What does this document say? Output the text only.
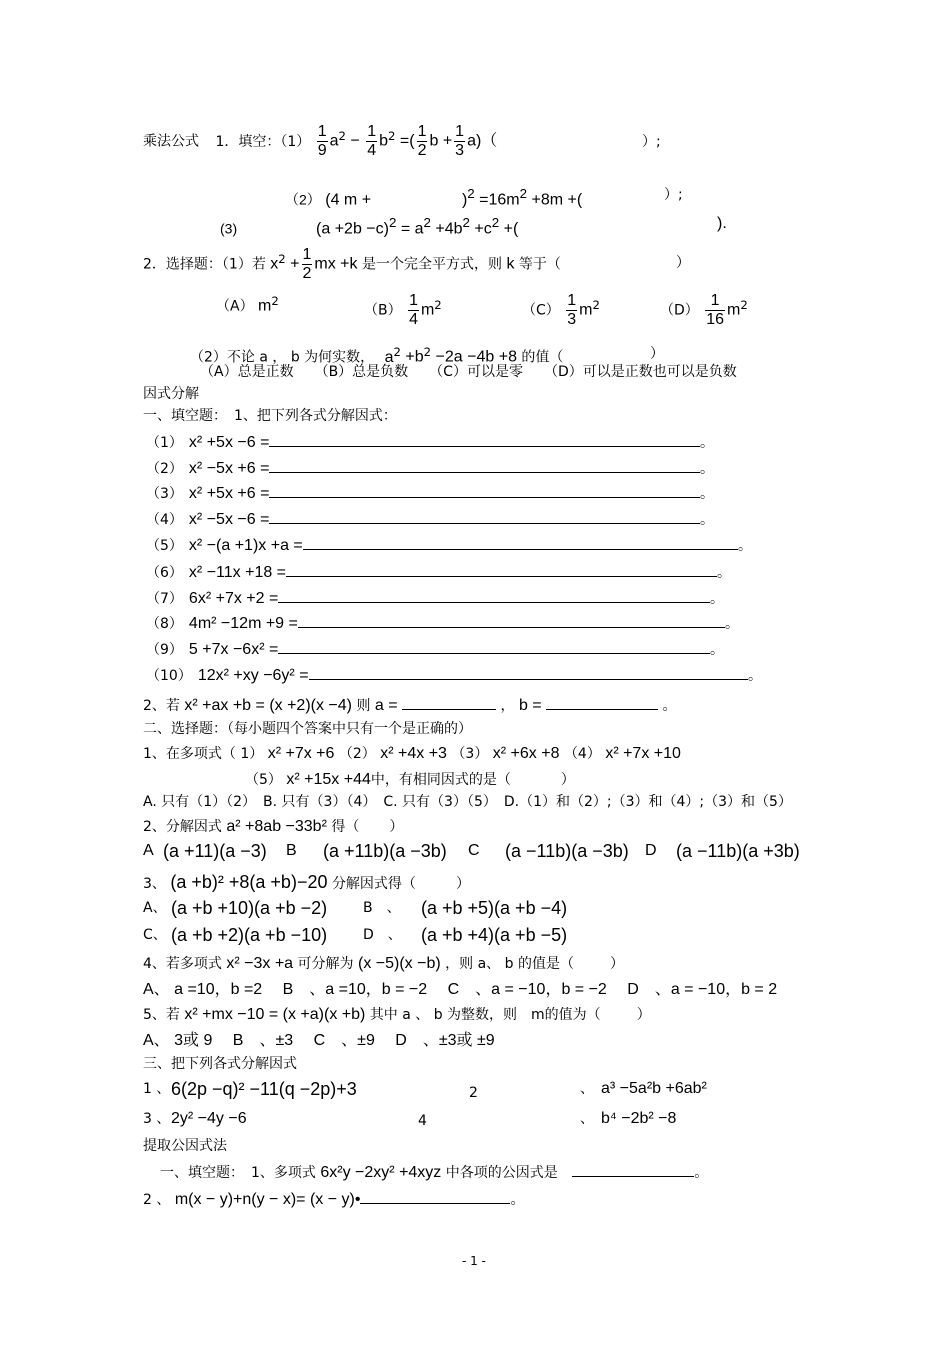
乘法公式 1．填空：$(1) \frac{1}{9} a^2 - \frac{1}{4} b^2$ =( $\frac{1}{2}$ $b + \frac{1}{3} a$)（	）;
（2） (4 m +	)$^2 =16m^2 +8m$ +(	）;
(3)	$(a +2b -c)^2 = a^2 +4b^2 +c^2$ +(	).
2．选择题：（1）若 $x^2 + \frac{1}{2}$ mx +k 是一个完全平方式，则 k 等于（	）
（A） $m^2$
$(B) \frac{1}{4} m^2$	$(C) \frac{1}{3} m^2$	$(D) \frac{1}{16} m^2$
（2）不论 a ， b 为何实数， $a^2 +b^2 -2a -4b +8$ 的值（	）
（A）总是正数　　（B）总是负数　　（C）可以是零　　（D）可以是正数也可以是负数
因式分解
一、填空题：　1、把下列各式分解因式：
（1） x² +5x −6 =	。
（2） x² −5x +6 =	。
（3） x² +5x +6 =	。
（4） x² −5x −6 =	。
（5） x² −(a +1)x +a =	。
（6） x² −11x +18 =	。
（7） 6x² +7x +2 =	。
（8） 4m² −12m +9 =	。
（9） 5 +7x −6x² =	。
（10） 12x² +xy −6y² =	。
2、若 x² +ax +b = (x +2)(x −4) 则 a =	， b =	。
二、选择题：（每小题四个答案中只有一个是正确的）
1、在多项式（ 1） x² +7x +6 （2） x² +4x +3 （3） x² +6x +8 （4） x² +7x +10
（5） x² +15x +44中，有相同因式的是（	）
A. 只有（1）（2）　B. 只有（3）（4）　C. 只有（3）（5）　D.（1）和（2）;（3）和（4）;（3）和（5）
2、分解因式 a² +8ab −33b² 得（ ）
A (a +11)(a −3) B (a +11b)(a −3b) C (a −11b)(a −3b) D (a −11b)(a +3b)
3、 (a +b)² +8(a +b)−20 分解因式得（	）
A、 (a +b +10)(a +b −2)	B　、 (a +b +5)(a +b −4)
C、 (a +b +2)(a +b −10)	D　、 (a +b +4)(a +b −5)
4、若多项式 x² −3x +a 可分解为 (x −5)(x −b) ，则 a、 b 的值是（	）
A、 a =10，b =2　 B　、a =10，b = −2　 C　、a = −10，b = −2　 D　、a = −10，b = 2
5、若 x² +mx −10 = (x +a)(x +b) 其中 a 、 b 为整数，则　m的值为（	）
A、 3或 9　 B　、±3　 C　、±9　 D　、±3或 ±9
三、把下列各式分解因式
1 、 6(2p −q)² −11(q −2p)+3	2	、 a³ −5a²b +6ab²
3 、 2y² −4y −6	4	、 b⁴ −2b² −8
提取公因式法
一、填空题：　1、多项式 6x²y −2xy² +4xyz 中各项的公因式是	。
2 、 m(x − y)+n(y − x)= (x − y)•	。
- 1 -
